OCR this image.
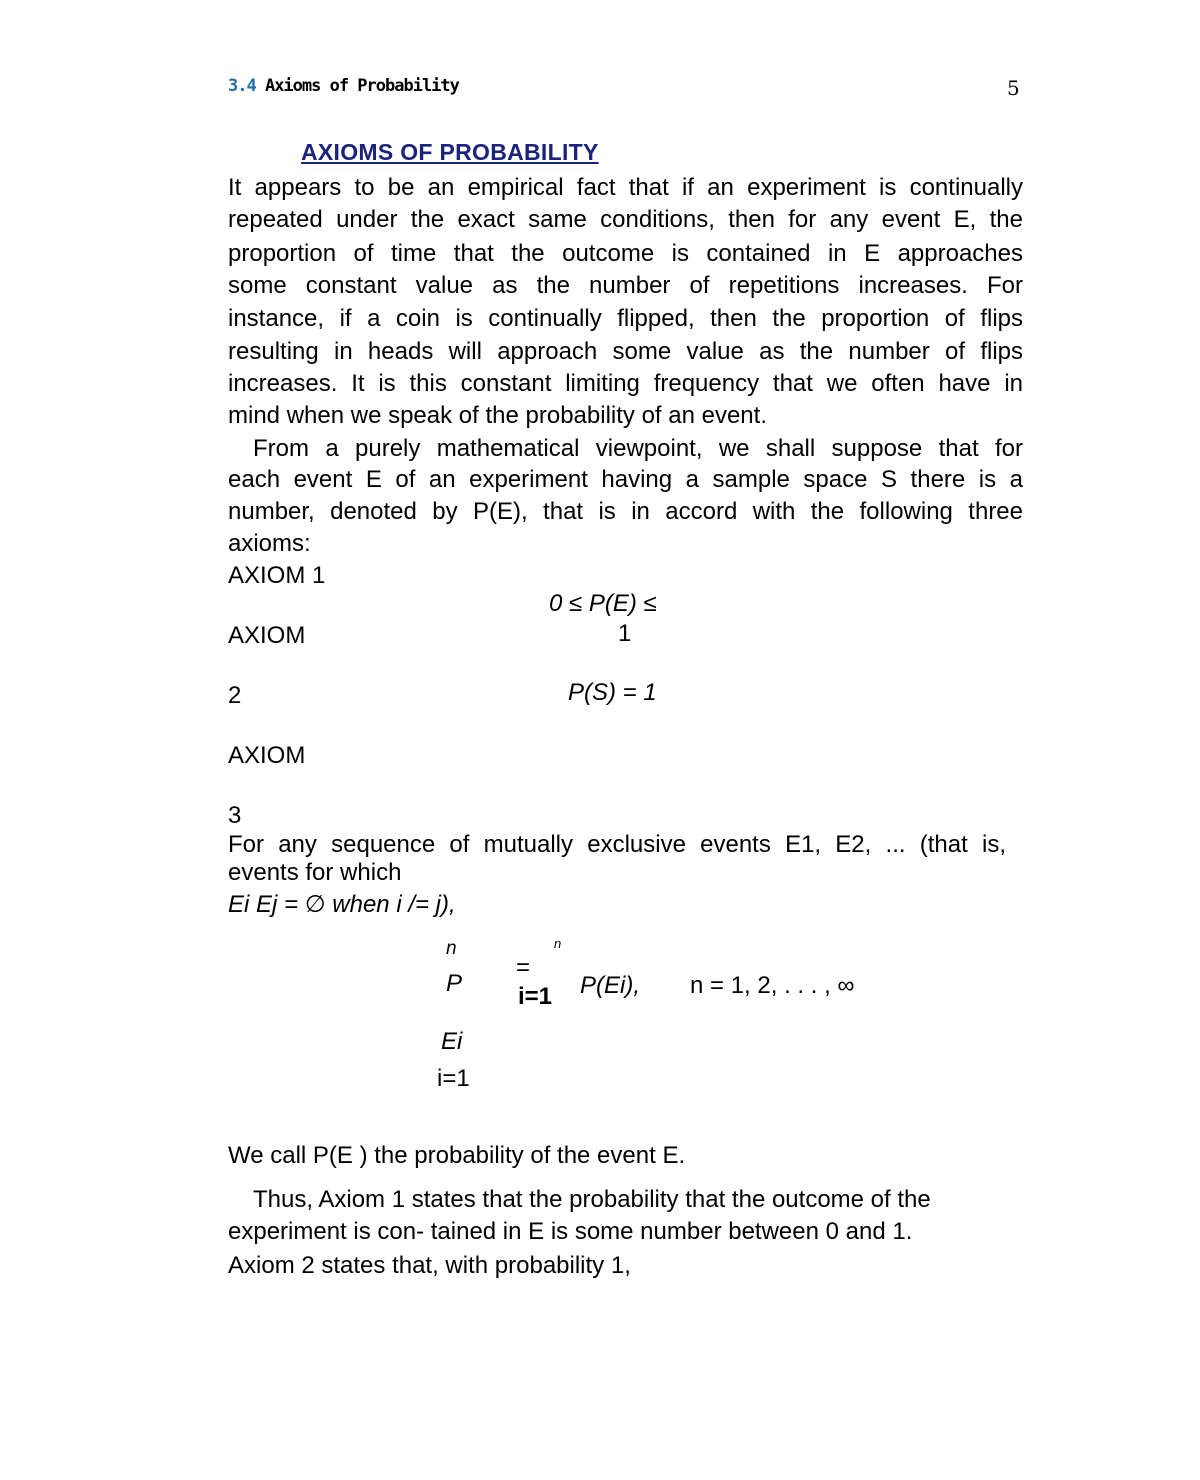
3.4 Axioms of Probability	5
AXIOMS OF PROBABILITY
It appears to be an empirical fact that if an experiment is continually
repeated under the exact same conditions, then for any event E, the
proportion of time that the outcome is contained in E approaches
some constant value as the number of repetitions increases. For
instance, if a coin is continually flipped, then the proportion of flips
resulting in heads will approach some value as the number of flips
increases. It is this constant limiting frequency that we often have in
mind when we speak of the probability of an event.
From a purely mathematical viewpoint, we shall suppose that for
each event E of an experiment having a sample space S there is a
number, denoted by P(E), that is in accord with the following three
axioms:
AXIOM 1
0 ≤ P(E) ≤
1
AXIOM
2	P(S) = 1
AXIOM
3
For any sequence of mutually exclusive events E1, E2, ... (that is,
events for which
Ei Ej = ∅ when i /= j),
n
P
n
=
i=1 P(Ei), n = 1, 2, . . . , ∞
Ei
i=1
We call P(E ) the probability of the event E.
Thus, Axiom 1 states that the probability that the outcome of the
experiment is con- tained in E is some number between 0 and 1.
Axiom 2 states that, with probability 1,
